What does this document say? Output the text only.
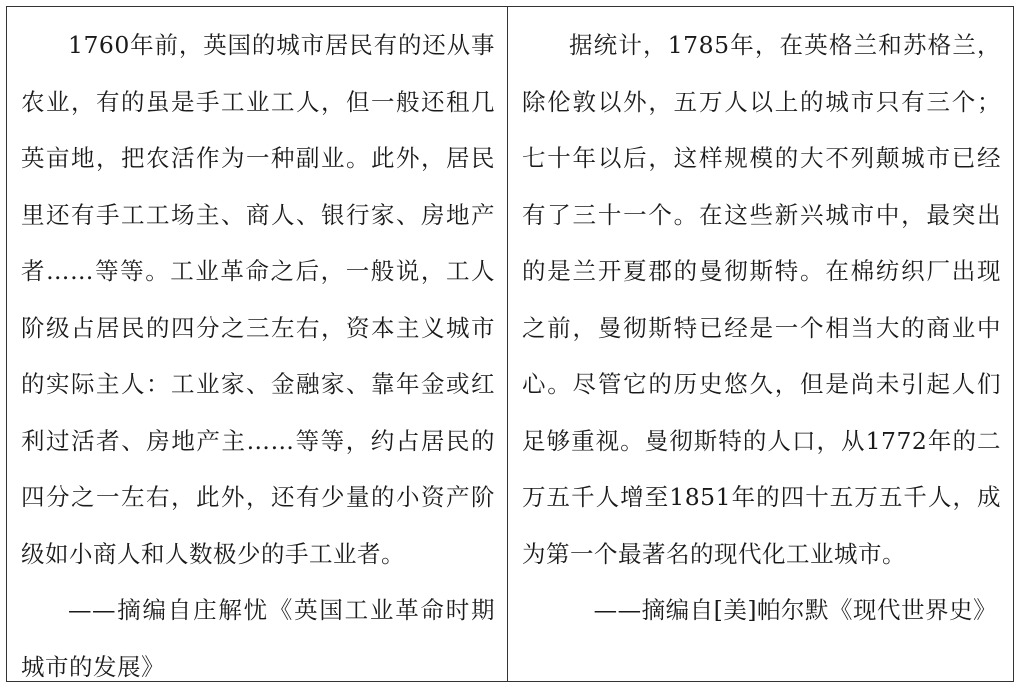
1760年前，英国的城市居民有的还从事农业，有的虽是手工业工人，但一般还租几英亩地，把农活作为一种副业。此外，居民里还有手工工场主、商人、银行家、房地产者……等等。工业革命之后，一般说，工人阶级占居民的四分之三左右，资本主义城市的实际主人：工业家、金融家、靠年金或红利过活者、房地产主……等等，约占居民的四分之一左右，此外，还有少量的小资产阶级如小商人和人数极少的手工业者。

——摘编自庄解忧《英国工业革命时期城市的发展》

据统计，1785年，在英格兰和苏格兰，除伦敦以外，五万人以上的城市只有三个；七十年以后，这样规模的大不列颠城市已经有了三十一个。在这些新兴城市中，最突出的是兰开夏郡的曼彻斯特。在棉纺织厂出现之前，曼彻斯特已经是一个相当大的商业中心。尽管它的历史悠久，但是尚未引起人们足够重视。曼彻斯特的人口，从1772年的二万五千人增至1851年的四十五万五千人，成为第一个最著名的现代化工业城市。

——摘编自[美]帕尔默《现代世界史》
